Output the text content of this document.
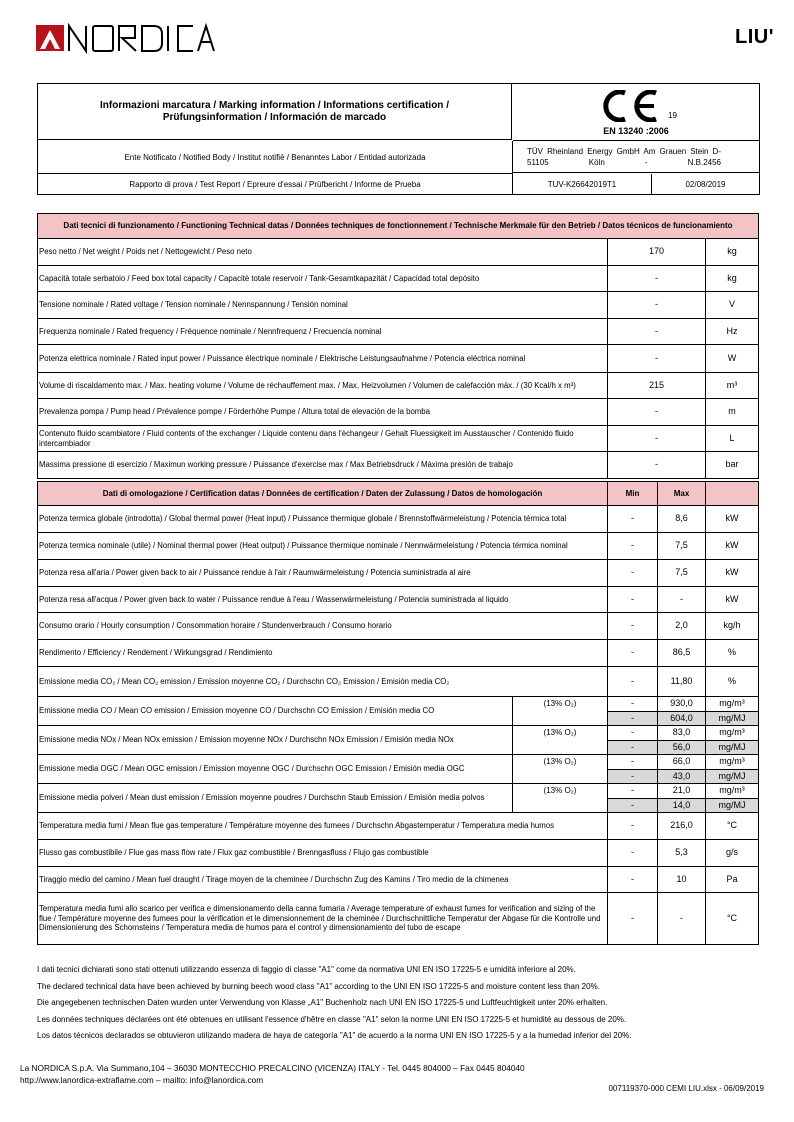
LIU'
Informazioni marcatura / Marking information / Informations certification /
Prüfungsinformation / Información de marcado	19
EN 13240 :2006
Ente Notificato / Notified Body / Institut notifiè / Benanntes Labor / Entidad autorizada
TÜV Rheinland Energy GmbH Am Grauen Stein D-51105 Köln - N.B.2456
Rapporto di prova / Test Report / Epreure d'essai / Prüfbericht / Informe de Prueba	TUV-K26642019T1	02/08/2019
Dati tecnici di funzionamento / Functioning Technical datas / Données techniques de fonctionnement / Technische Merkmale für den Betrieb / Datos técnicos de funcionamiento		
Peso netto / Net weight / Poids net / Nettogewicht / Peso neto	170	kg
Capacità totale serbatoio / Feed box total capacity / Capacitè totale reservoir / Tank-Gesamtkapazität / Capacidad total depósito	-	kg
Tensione nominale / Rated voltage / Tension nominale / Nennspannung / Tensión nominal	-	V
Frequenza nominale / Rated frequency / Fréquence nominale / Nennfrequenz / Frecuencia nominal	-	Hz
Potenza elettrica nominale / Rated input power / Puissance électrique nominale / Elektrische Leistungsaufnahme / Potencia eléctrica nominal	-	W
Volume di riscaldamento max. / Max. heating volume / Volume de réchauffement max. / Max. Heizvolumen / Volumen de calefacción máx. / (30 Kcal/h x m³)	215	m³
Prevalenza pompa / Pump head / Prévalence pompe / Förderhöhe Pumpe / Altura total de elevación de la bomba	-	m
Contenuto fluido scambiatore / Fluid contents of the exchanger / Liquide contenu dans l'èchangeur / Gehalt Fluessigkeit im Ausstauscher / Contenido fluido intercambiador	-	L
Massima pressione di esercizio / Maximun working pressure / Puissance d'exercise max / Max Betriebsdruck / Máxima presión de trabajo	-	bar
Dati di omologazione / Certification datas / Données de certification / Daten der Zulassung / Datos de homologación		Min	Max	
Potenza termica globale (introdotta) / Global thermal power (Heat input) / Puissance thermique globale / Brennstoffwärmeleistung / Potencia térmica total		-	8,6	kW
Potenza termica nominale (utile) / Nominal thermal power (Heat output) / Puissance thermique nominale / Nennwärmeleistung / Potencia térmica nominal		-	7,5	kW
Potenza resa all'aria / Power given back to air / Puissance rendue à l'air / Raumwärmeleistung / Potencia suministrada al aire		-	7,5	kW
Potenza resa all'acqua / Power given back to water / Puissance rendue à l'eau / Wasserwärmeleistung / Potencia suministrada al liquido		-	-	kW
Consumo orario / Hourly consumption / Consommation horaire / Stundenverbrauch / Consumo horario		-	2,0	kg/h
Rendimento / Efficiency / Rendement / Wirkungsgrad / Rendimiento		-	86,5	%
Emissione media CO₂ / Mean CO₂ emission / Emission moyenne CO₂ / Durchschn CO₂ Emission / Emisión media CO₂		-	11,80	%
Emissione media CO / Mean CO emission / Emission moyenne CO / Durchschn CO Emission / Emisión media CO	(13% O₂)	-	930,0	mg/m³
		-	604,0	mg/MJ
Emissione media NOx / Mean NOx emission / Emission moyenne NOx / Durchschn NOx Emission / Emisión media NOx	(13% O₂)	-	83,0	mg/m³
		-	56,0	mg/MJ
Emissione media OGC / Mean OGC emission / Emission moyenne OGC / Durchschn OGC Emission / Emisión media OGC	(13% O₂)	-	66,0	mg/m³
		-	43,0	mg/MJ
Emissione media polveri / Mean dust emission / Emission moyenne poudres / Durchschn Staub Emission / Emisión media polvos	(13% O₂)	-	21,0	mg/m³
		-	14,0	mg/MJ
Temperatura media fumi / Mean flue gas temperature / Température moyenne des fumees / Durchschn Abgastemperatur / Temperatura media humos		-	216,0	°C
Flusso gas combustibile / Flue gas mass flow rate / Flux gaz combustible / Brenngasfluss / Flujo gas combustible		-	5,3	g/s
Tiraggio medio del camino / Mean fuel draught / Tirage moyen de la cheminee / Durchschn Zug des Kamins / Tiro medio de la chimenea		-	10	Pa
Temperatura media fumi allo scarico per verifica e dimensionamento della canna fumaria / Average temperature of exhaust fumes for verification and sizing of the flue / Température moyenne des fumees pour la vérification et le dimensionnement de la cheminée / Durchschnittliche Temperatur der Abgase für die Kontrolle und Dimensionierung des Schornsteins / Temperatura media de humos para el control y dimensionamiento del tubo de escape		-	-	°C
I dati tecnici dichiarati sono stati ottenuti utilizzando essenza di faggio di classe "A1" come da normativa UNI EN ISO 17225-5 e umidità inferiore al 20%.
The declared technical data have been achieved by burning beech wood class "A1" according to the UNI EN ISO 17225-5 and moisture content less than 20%.
Die angegebenen technischen Daten wurden unter Verwendung von Klasse „A1" Buchenholz nach UNI EN ISO 17225-5 und Luftfeuchtigkeit unter 20% erhalten.
Les données techniques déclarées ont été obtenues en utilisant l'essence d'hêtre en classe "A1" selon la norme UNI EN ISO 17225-5 et humidité au dessous de 20%.
Los datos técnicos declarados se obtuvieron utilizando madera de haya de categoría "A1" de acuerdo a la norma UNI EN ISO 17225-5 y a la humedad inferior del 20%.
La NORDICA S.p.A. Via Summano,104 – 36030 MONTECCHIO PRECALCINO (VICENZA) ITALY - Tel. 0445 804000 – Fax 0445 804040
http://www.lanordica-extraflame.com – mailto: info@lanordica.com
007119370-000 CEMI LIU.xlsx - 06/09/2019
